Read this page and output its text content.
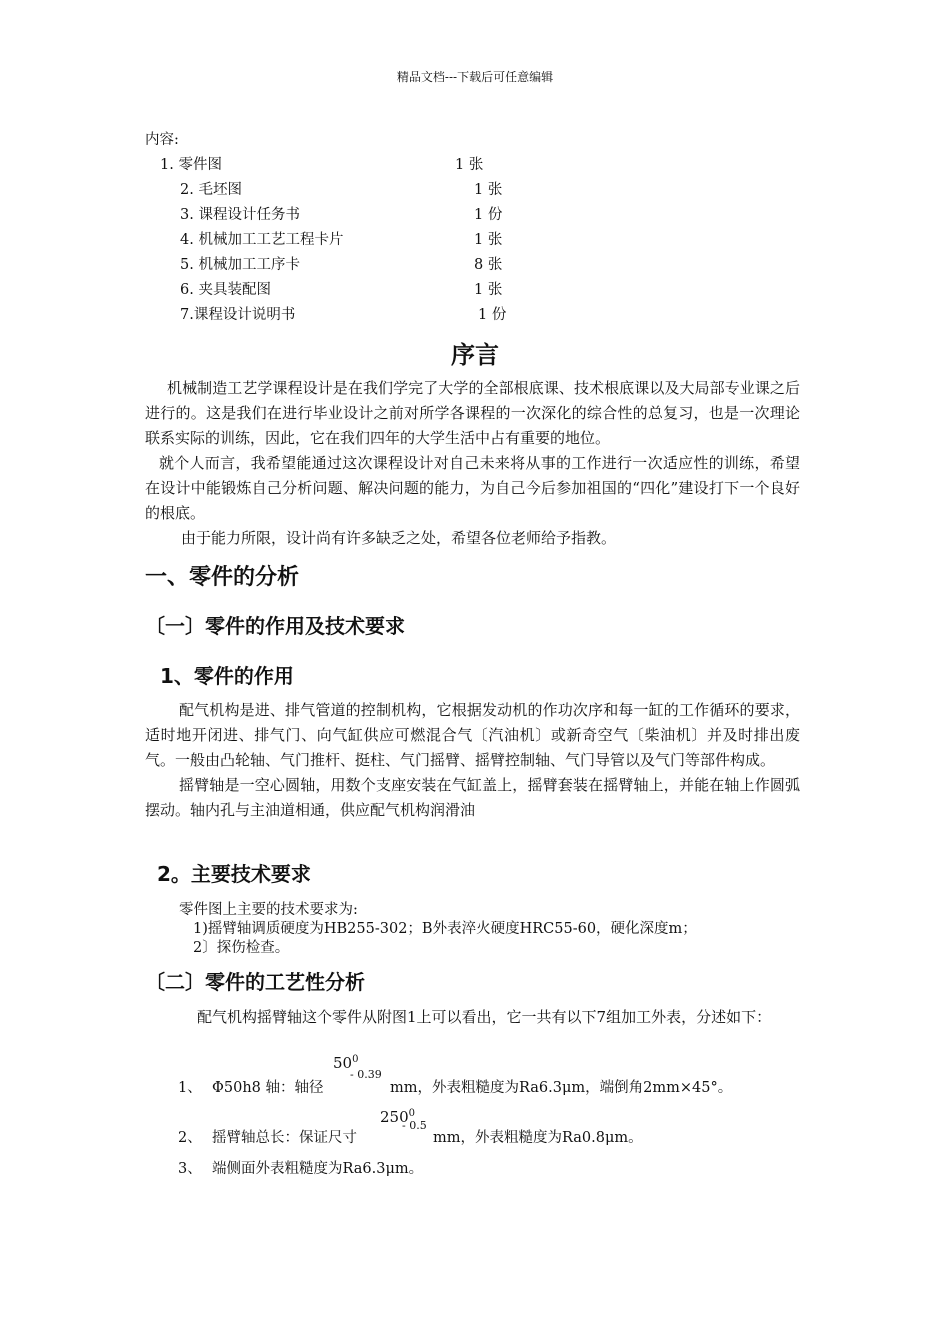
精品文档---下载后可任意编辑
内容:
1. 零件图	1 张
2. 毛坯图	1 张
3. 课程设计任务书	1 份
4. 机械加工工艺工程卡片	1 张
5. 机械加工工序卡	8 张
6. 夹具装配图	1 张
7.课程设计说明书	1 份
序言

机械制造工艺学课程设计是在我们学完了大学的全部根底课、技术根底课以及大局部专业课之后进行的。这是我们在进行毕业设计之前对所学各课程的一次深化的综合性的总复习，也是一次理论联系实际的训练，因此，它在我们四年的大学生活中占有重要的地位。

就个人而言，我希望能通过这次课程设计对自己未来将从事的工作进行一次适应性的训练，希望在设计中能锻炼自己分析问题、解决问题的能力，为自己今后参加祖国的“四化”建设打下一个良好的根底。

由于能力所限，设计尚有许多缺乏之处，希望各位老师给予指教。

一、零件的分析
〔一〕零件的作用及技术要求
1、零件的作用

配气机构是进、排气管道的控制机构，它根据发动机的作功次序和每一缸的工作循环的要求，适时地开闭进、排气门、向气缸供应可燃混合气〔汽油机〕或新奇空气〔柴油机〕并及时排出废气。一般由凸轮轴、气门推杆、挺柱、气门摇臂、摇臂控制轴、气门导管以及气门等部件构成。

摇臂轴是一空心圆轴，用数个支座安装在气缸盖上，摇臂套装在摇臂轴上，并能在轴上作圆弧摆动。轴内孔与主油道相通，供应配气机构润滑油

2。主要技术要求
零件图上主要的技术要求为:
1)摇臂轴调质硬度为HB255-302；B外表淬火硬度HRC55-60，硬化深度m；
2〕探伤检查。
〔二〕零件的工艺性分析

配气机构摇臂轴这个零件从附图1上可以看出，它一共有以下7组加工外表，分述如下：

1、 Φ50h8 轴：轴径
$50^0$
- 0.39
mm，外表粗糙度为Ra6.3μm，端倒角2mm×45°。
2、 摇臂轴总长：保证尺寸
$250^0$
- 0.5
mm，外表粗糙度为Ra0.8μm。
3、 端侧面外表粗糙度为Ra6.3μm。
